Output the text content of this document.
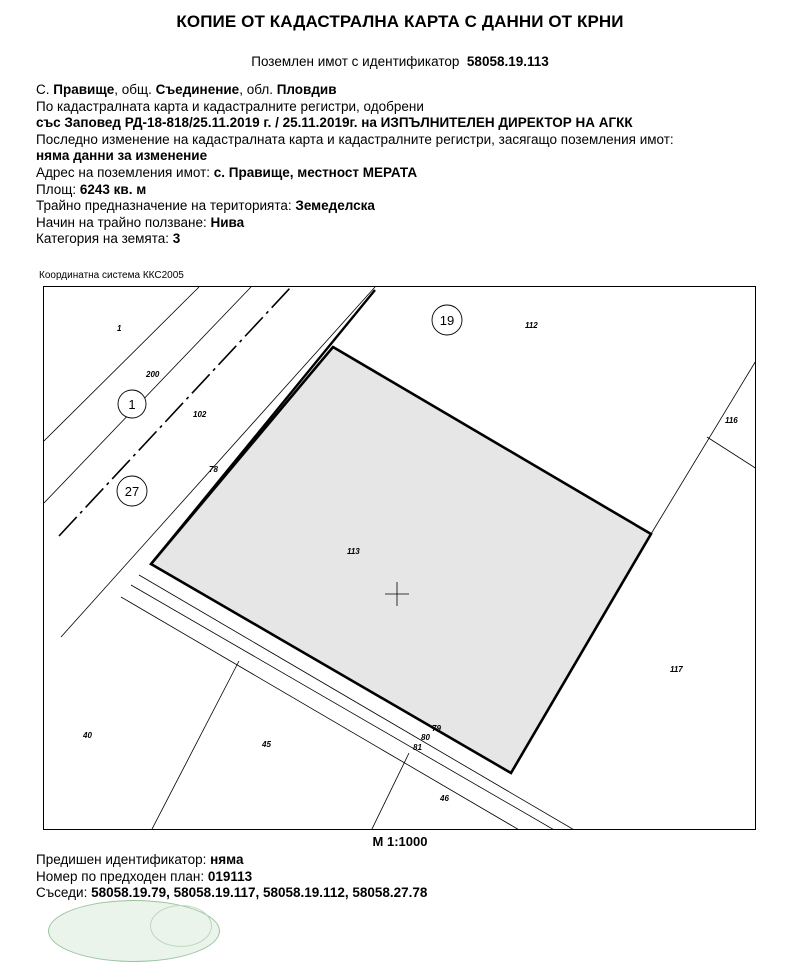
КОПИЕ ОТ КАДАСТРАЛНА КАРТА С ДАННИ ОТ КРНИ
Поземлен имот с идентификатор 58058.19.113
С. Правище, общ. Съединение, обл. Пловдив
По кадастралната карта и кадастралните регистри, одобрени
със Заповед РД-18-818/25.11.2019 г. / 25.11.2019г. на ИЗПЪЛНИТЕЛЕН ДИРЕКТОР НА АГКК
Последно изменение на кадастралната карта и кадастралните регистри, засягащо поземления имот:
няма данни за изменение
Адрес на поземления имот: с. Правище, местност МЕРАТА
Площ: 6243 кв. м
Трайно предназначение на територията: Земеделска
Начин на трайно ползване: Нива
Категория на земята: 3
Координатна система ККС2005
19
1
27
1
200
102
78
112
116
113
117
40
45
79
80
81
46
М 1:1000
Предишен идентификатор: няма
Номер по предходен план: 019113
Съседи: 58058.19.79, 58058.19.117, 58058.19.112, 58058.27.78
